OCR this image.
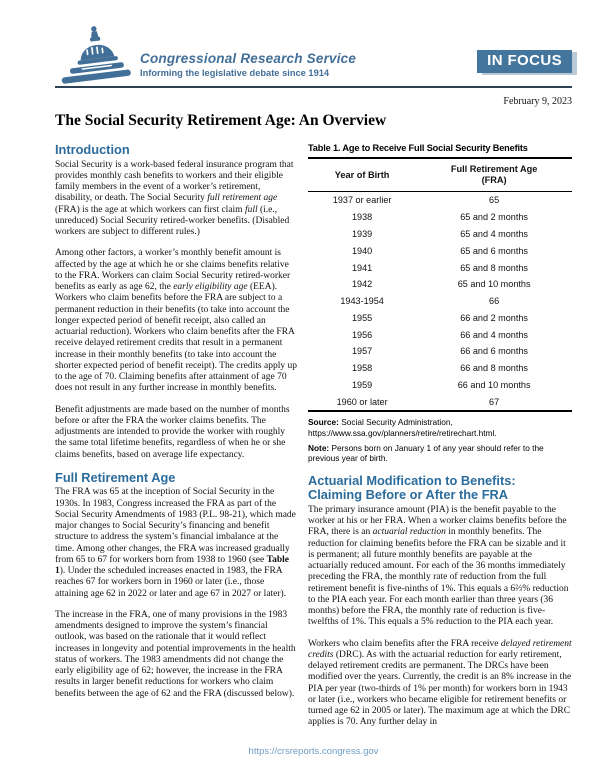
Congressional Research Service
Informing the legislative debate since 1914
IN FOCUS
February 9, 2023
The Social Security Retirement Age: An Overview
Introduction

Social Security is a work-based federal insurance program that provides monthly cash benefits to workers and their eligible family members in the event of a worker’s retirement, disability, or death. The Social Security full retirement age (FRA) is the age at which workers can first claim full (i.e., unreduced) Social Security retired-worker benefits. (Disabled workers are subject to different rules.)

Among other factors, a worker’s monthly benefit amount is affected by the age at which he or she claims benefits relative to the FRA. Workers can claim Social Security retired-worker benefits as early as age 62, the early eligibility age (EEA). Workers who claim benefits before the FRA are subject to a permanent reduction in their benefits (to take into account the longer expected period of benefit receipt, also called an actuarial reduction). Workers who claim benefits after the FRA receive delayed retirement credits that result in a permanent increase in their monthly benefits (to take into account the shorter expected period of benefit receipt). The credits apply up to the age of 70. Claiming benefits after attainment of age 70 does not result in any further increase in monthly benefits.

Benefit adjustments are made based on the number of months before or after the FRA the worker claims benefits. The adjustments are intended to provide the worker with roughly the same total lifetime benefits, regardless of when he or she claims benefits, based on average life expectancy.

Full Retirement Age

The FRA was 65 at the inception of Social Security in the 1930s. In 1983, Congress increased the FRA as part of the Social Security Amendments of 1983 (P.L. 98-21), which made major changes to Social Security’s financing and benefit structure to address the system’s financial imbalance at the time. Among other changes, the FRA was increased gradually from 65 to 67 for workers born from 1938 to 1960 (see Table 1). Under the scheduled increases enacted in 1983, the FRA reaches 67 for workers born in 1960 or later (i.e., those attaining age 62 in 2022 or later and age 67 in 2027 or later).

The increase in the FRA, one of many provisions in the 1983 amendments designed to improve the system’s financial outlook, was based on the rationale that it would reflect increases in longevity and potential improvements in the health status of workers. The 1983 amendments did not change the early eligibility age of 62; however, the increase in the FRA results in larger benefit reductions for workers who claim benefits between the age of 62 and the FRA (discussed below).

Table 1. Age to Receive Full Social Security Benefits
Year of Birth	Full Retirement Age
(FRA)

1937 or earlier	65
1938	65 and 2 months
1939	65 and 4 months
1940	65 and 6 months
1941	65 and 8 months
1942	65 and 10 months
1943-1954	66
1955	66 and 2 months
1956	66 and 4 months
1957	66 and 6 months
1958	66 and 8 months
1959	66 and 10 months
1960 or later	67
Source: Social Security Administration, https://www.ssa.gov/planners/retire/retirechart.html.
Note: Persons born on January 1 of any year should refer to the previous year of birth.
Actuarial Modification to Benefits: Claiming Before or After the FRA

The primary insurance amount (PIA) is the benefit payable to the worker at his or her FRA. When a worker claims benefits before the FRA, there is an actuarial reduction in monthly benefits. The reduction for claiming benefits before the FRA can be sizable and it is permanent; all future monthly benefits are payable at the actuarially reduced amount. For each of the 36 months immediately preceding the FRA, the monthly rate of reduction from the full retirement benefit is five-ninths of 1%. This equals a 6⅔% reduction to the PIA each year. For each month earlier than three years (36 months) before the FRA, the monthly rate of reduction is five-twelfths of 1%. This equals a 5% reduction to the PIA each year.

Workers who claim benefits after the FRA receive delayed retirement credits (DRC). As with the actuarial reduction for early retirement, delayed retirement credits are permanent. The DRCs have been modified over the years. Currently, the credit is an 8% increase in the PIA per year (two-thirds of 1% per month) for workers born in 1943 or later (i.e., workers who became eligible for retirement benefits or turned age 62 in 2005 or later). The maximum age at which the DRC applies is 70. Any further delay in

https://crsreports.congress.gov
